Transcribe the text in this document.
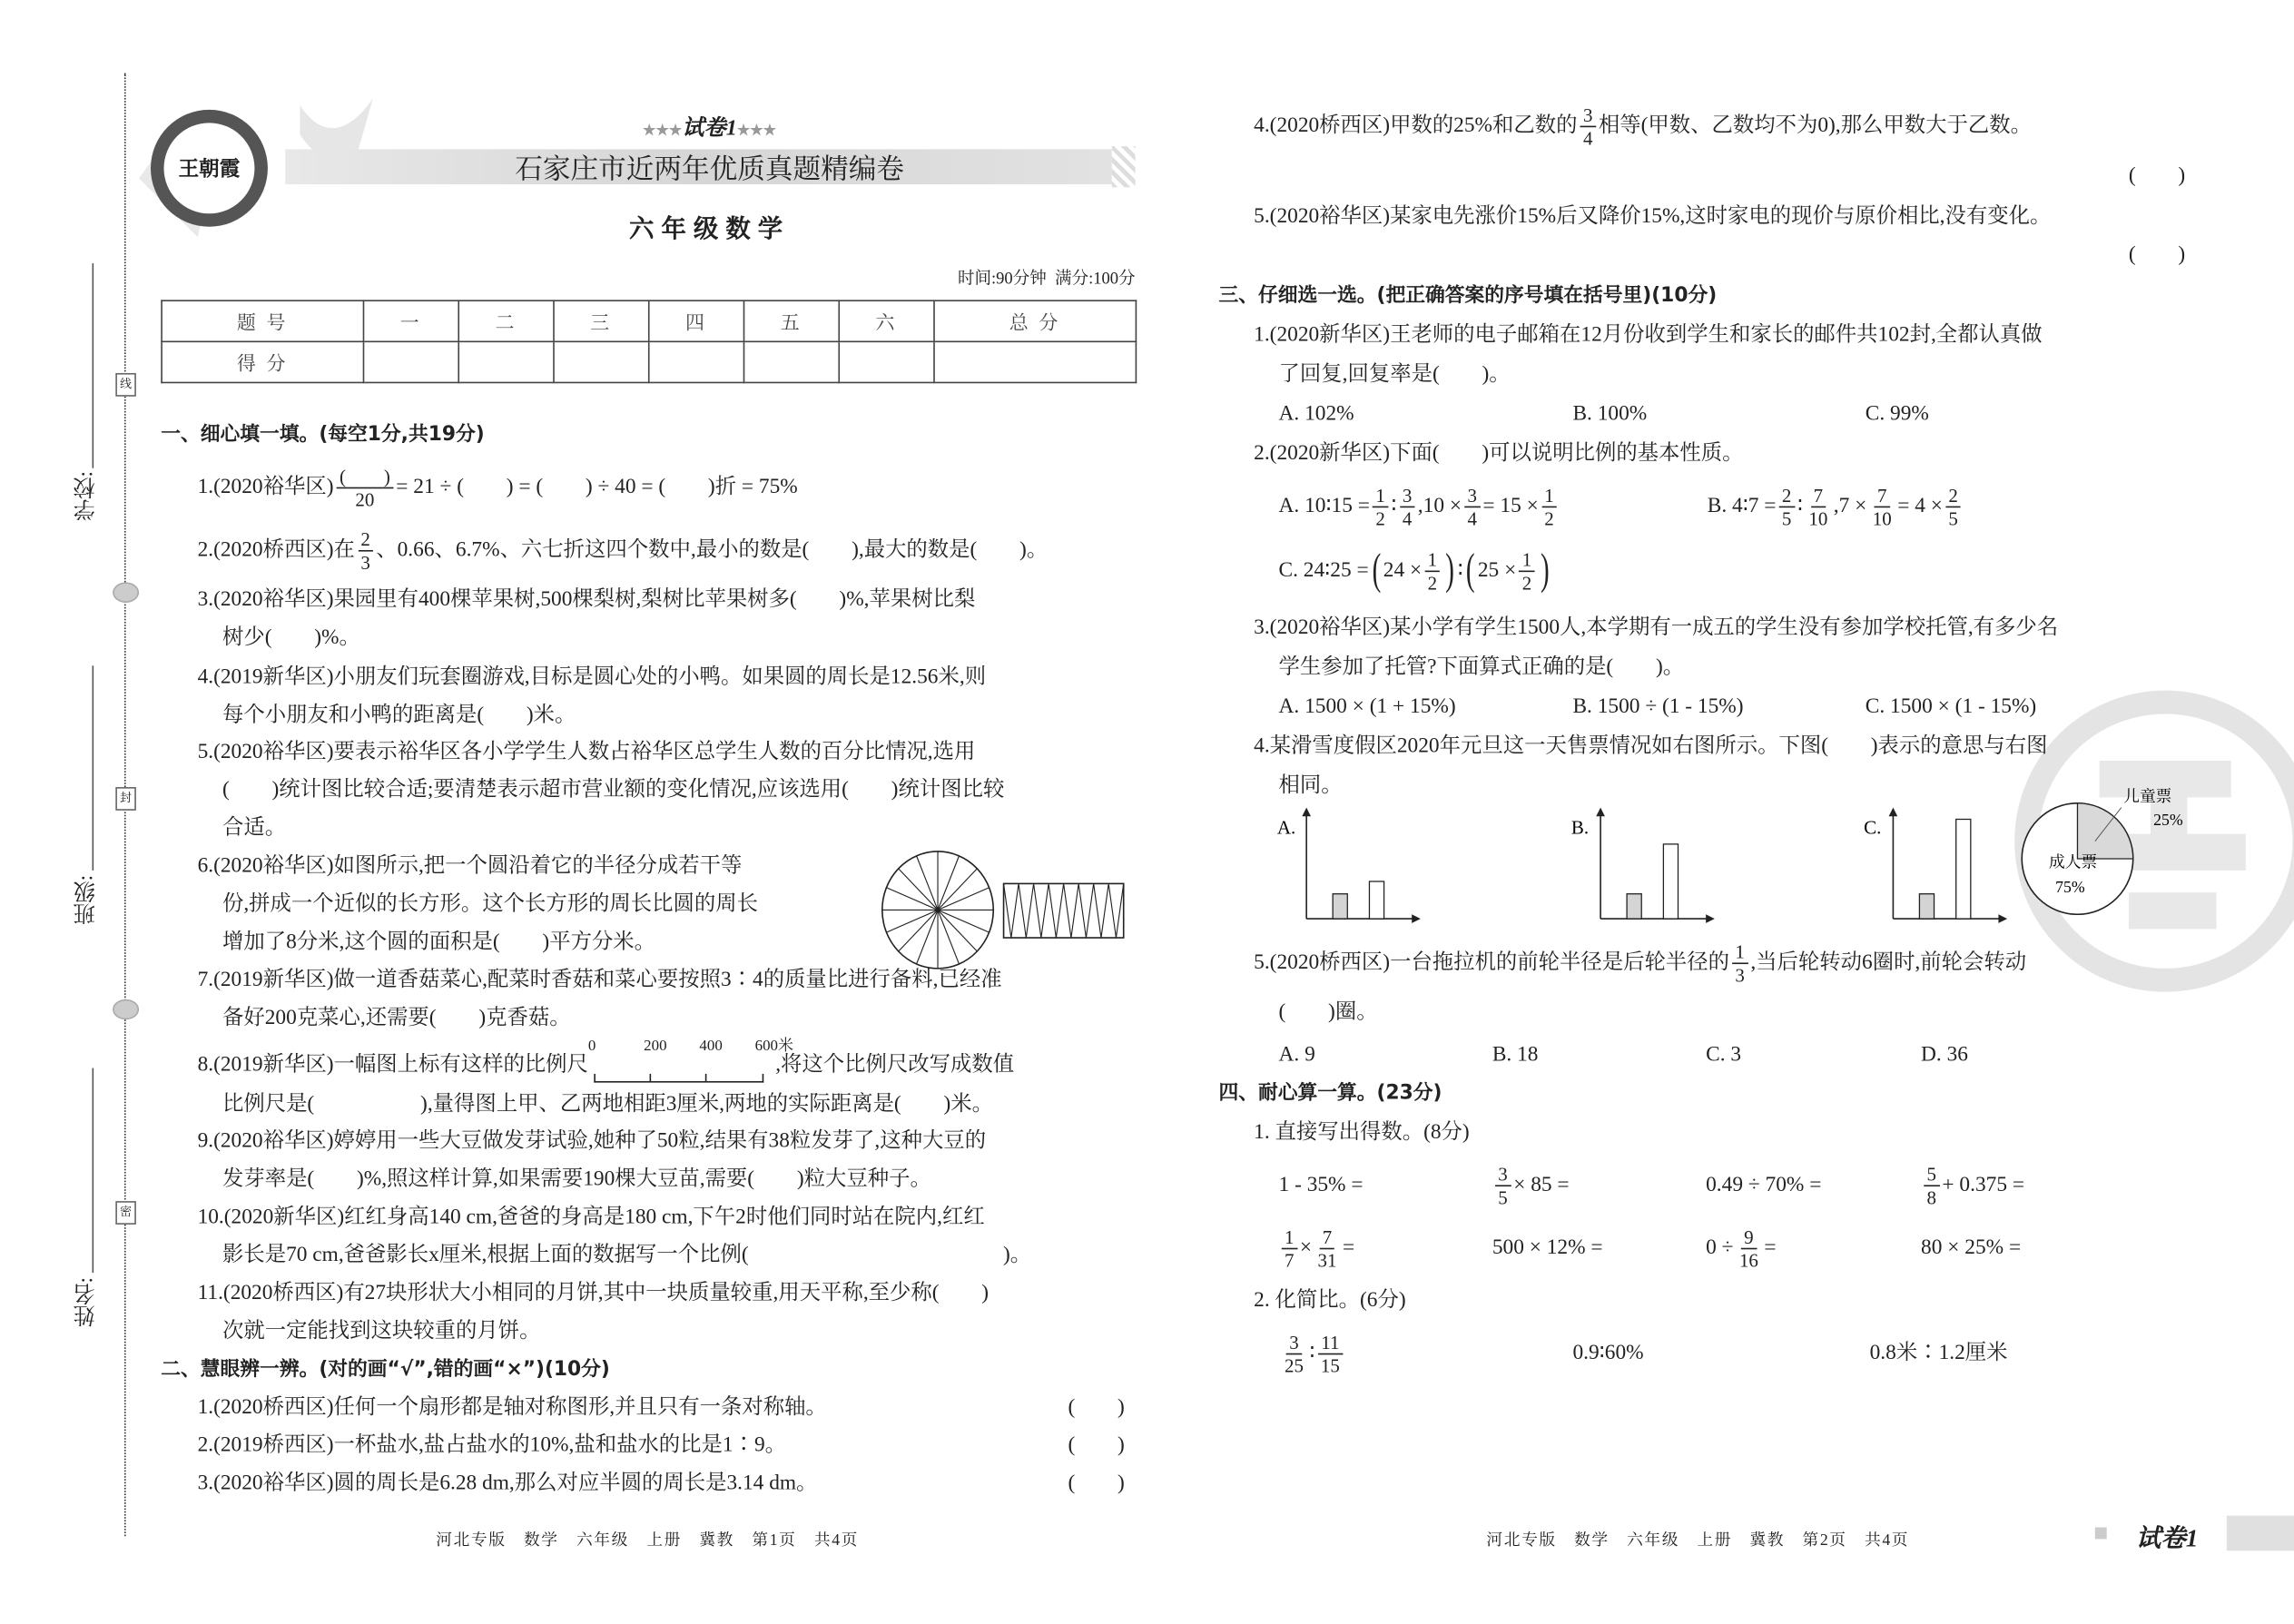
学校:
班级:
姓名:
线
封
密
王朝霞
★★★试卷1★★★
石家庄市近两年优质真题精编卷
六年级数学
时间:90分钟 满分:100分
题 号	一	二	三	四	五	六	总 分
得 分							
A.	B.	C.
儿童票
25%
成人票
75%
河北专版　数学　六年级　上册　冀教　第1页　共4页	河北专版　数学　六年级　上册　冀教　第2页　共4页	试卷1
一、细心填一填。(每空1分,共19分)
1.(2020裕华区) $\frac{( )}{20} = 21$ ÷ (　　) = (　　) ÷ 40 = (　　)折 = 75%
2.(2020桥西区)在 $\frac{2}{3}$ 、0.66、6.7%、六七折这四个数中,最小的数是(　　),最大的数是(　　)。
3.(2020裕华区)果园里有400棵苹果树,500棵梨树,梨树比苹果树多(　　)%,苹果树比梨
树少(　　)%。
4.(2019新华区)小朋友们玩套圈游戏,目标是圆心处的小鸭。如果圆的周长是12.56米,则
每个小朋友和小鸭的距离是(　　)米。
5.(2020裕华区)要表示裕华区各小学学生人数占裕华区总学生人数的百分比情况,选用
(　　)统计图比较合适;要清楚表示超市营业额的变化情况,应该选用(　　)统计图比较
合适。
6.(2020裕华区)如图所示,把一个圆沿着它的半径分成若干等
份,拼成一个近似的长方形。这个长方形的周长比圆的周长
增加了8分米,这个圆的面积是(　　)平方分米。
7.(2019新华区)做一道香菇菜心,配菜时香菇和菜心要按照3∶4的质量比进行备料,已经准
备好200克菜心,还需要(　　)克香菇。
8.(2019新华区)一幅图上标有这样的比例尺
0	200	400	600米
,将这个比例尺改写成数值
比例尺是(　　　　　),量得图上甲、乙两地相距3厘米,两地的实际距离是(　　)米。
9.(2020裕华区)婷婷用一些大豆做发芽试验,她种了50粒,结果有38粒发芽了,这种大豆的
发芽率是(　　)%,照这样计算,如果需要190棵大豆苗,需要(　　)粒大豆种子。
10.(2020新华区)红红身高140 cm,爸爸的身高是180 cm,下午2时他们同时站在院内,红红
影长是70 cm,爸爸影长x厘米,根据上面的数据写一个比例(　　　　　　　　　　　　)。
11.(2020桥西区)有27块形状大小相同的月饼,其中一块质量较重,用天平称,至少称(　　)
次就一定能找到这块较重的月饼。
二、慧眼辨一辨。(对的画“√”,错的画“×”)(10分)
1.(2020桥西区)任何一个扇形都是轴对称图形,并且只有一条对称轴。	(　　)
2.(2019桥西区)一杯盐水,盐占盐水的10%,盐和盐水的比是1∶9。	(　　)
3.(2020裕华区)圆的周长是6.28 dm,那么对应半圆的周长是3.14 dm。	(　　)
4.(2020桥西区)甲数的25%和乙数的 $\frac{3}{4}$ 相等(甲数、乙数均不为0),那么甲数大于乙数。
(　　)
5.(2020裕华区)某家电先涨价15%后又降价15%,这时家电的现价与原价相比,没有变化。
(　　)
三、仔细选一选。(把正确答案的序号填在括号里)(10分)
1.(2020新华区)王老师的电子邮箱在12月份收到学生和家长的邮件共102封,全都认真做
了回复,回复率是(　　)。
A. 102%	B. 100%	C. 99%
2.(2020新华区)下面(　　)可以说明比例的基本性质。
A. 10∶15 = $\frac{1}{2}$ ∶ $\frac{3}{4} ,10 \times \frac{3}{4} = 15 \times \frac{1}{2}$	B. 4∶7 = $\frac{2}{5}$ ∶ $\frac{7}{10} ,7 \times \frac{7}{10} = 4 \times \frac{2}{5}$
C. 24∶25 = ( $24 \times \frac{1}{2}$ ) ∶ ( $25 \times \frac{1}{2}$ )
3.(2020裕华区)某小学有学生1500人,本学期有一成五的学生没有参加学校托管,有多少名
学生参加了托管?下面算式正确的是(　　)。
A. 1500 × (1 + 15%)	B. 1500 ÷ (1 - 15%)	C. 1500 × (1 - 15%)
4.某滑雪度假区2020年元旦这一天售票情况如右图所示。下图(　　)表示的意思与右图
相同。
5.(2020桥西区)一台拖拉机的前轮半径是后轮半径的 $\frac{1}{3}$ ,当后轮转动6圈时,前轮会转动
(　　)圈。
A. 9	B. 18	C. 3	D. 36
四、耐心算一算。(23分)
1. 直接写出得数。(8分)
1 - 35% =	$\frac{3}{5} \times 85$ =	0.49 ÷ 70% =	$\frac{5}{8} + 0.375$ =
$\frac{1}{7} \times \frac{7}{31}$ =	500 × 12% =	$0 \div \frac{9}{16}$ =	80 × 25% =
2. 化简比。(6分)
$\frac{3}{25}$ ∶ $\frac{11}{15}$	0.9∶60%	0.8米∶1.2厘米
